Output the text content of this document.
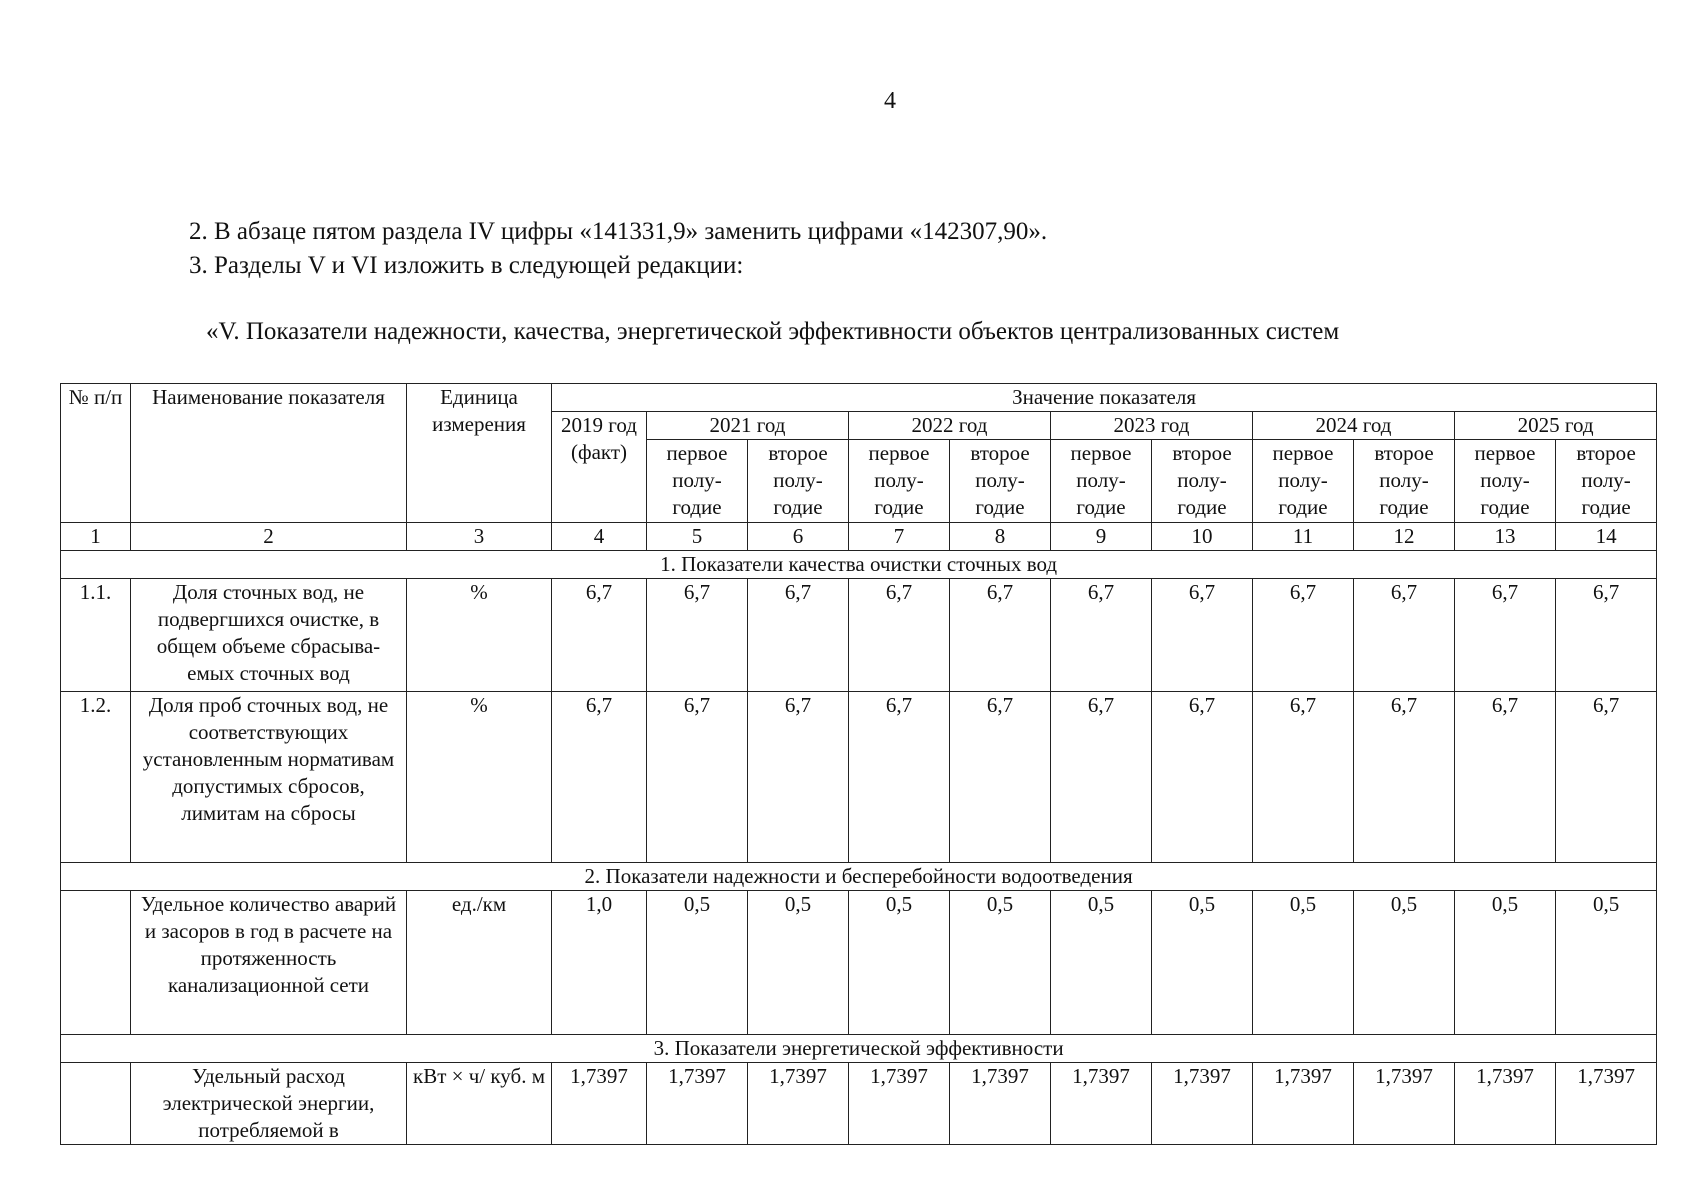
4
2. В абзаце пятом раздела IV цифры «141331,9» заменить цифрами «142307,90».
3. Разделы V и VI изложить в следующей редакции:
«V. Показатели надежности, качества, энергетической эффективности объектов централизованных систем
№ п/п	Наименование показателя	Единица измерения	Значение показателя										
			2019 год (факт)	2021 год		2022 год		2023 год		2024 год		2025 год	
				первое полу-годие	второе полу-годие	первое полу-годие	второе полу-годие	первое полу-годие	второе полу-годие	первое полу-годие	второе полу-годие	первое полу-годие	второе полу-годие
1	2	3	4	5	6	7	8	9	10	11	12	13	14
1. Показатели качества очистки сточных вод													
1.1.	Доля сточных вод, не подвергшихся очистке, в общем объеме сбрасыва-емых сточных вод	%	6,7	6,7	6,7	6,7	6,7	6,7	6,7	6,7	6,7	6,7	6,7
1.2.	Доля проб сточных вод, не соответствующих установленным нормативам допустимых сбросов, лимитам на сбросы	%	6,7	6,7	6,7	6,7	6,7	6,7	6,7	6,7	6,7	6,7	6,7
2. Показатели надежности и бесперебойности водоотведения													
	Удельное количество аварий и засоров в год в расчете на протяженность канализационной сети	ед./км	1,0	0,5	0,5	0,5	0,5	0,5	0,5	0,5	0,5	0,5	0,5
3. Показатели энергетической эффективности													
	Удельный расход электрической энергии, потребляемой в	кВт × ч/ куб. м	1,7397	1,7397	1,7397	1,7397	1,7397	1,7397	1,7397	1,7397	1,7397	1,7397	1,7397
